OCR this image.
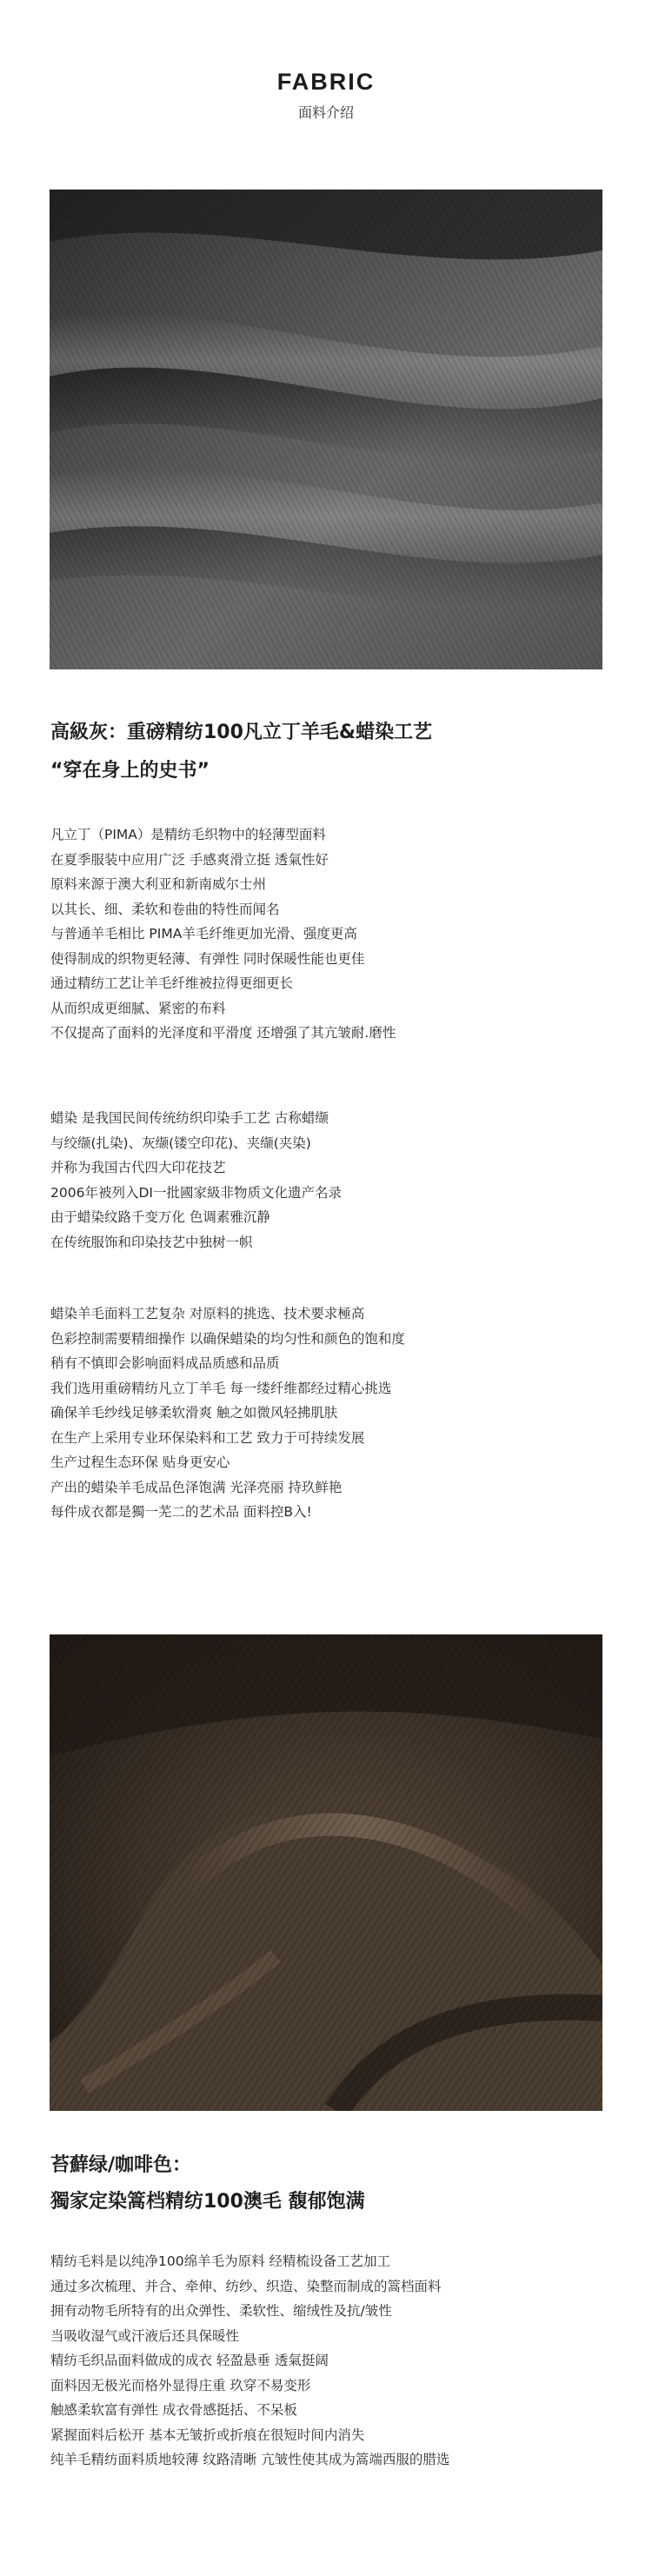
FABRIC
面料介绍
高級灰：重磅精纺100凡立丁羊毛&蜡染工艺
“穿在身上的史书”
凡立丁（PIMA）是精纺毛织物中的轻薄型面料
在夏季服装中应用广泛 手感爽滑立挺 透氣性好
原料来源于澳大利亚和新南威尔士州
以其长、细、柔软和卷曲的特性而闻名
与普通羊毛相比 PIMA羊毛纤维更加光滑、强度更高
使得制成的织物更轻薄、有弹性 同时保暖性能也更佳
通过精纺工艺让羊毛纤维被拉得更细更长
从而织成更细腻、紧密的布料
不仅提高了面料的光泽度和平滑度 还增强了其亢皱耐.磨性
蜡染 是我国民间传统纺织印染手工艺 古称蜡缬
与绞缬(扎染)、灰缬(镂空印花)、夹缬(夹染)
并称为我国古代四大印花技艺
2006年被列入DI一批國家級非物质文化遗产名录
由于蜡染纹路千变万化 色调素雅沉静
在传统服饰和印染技艺中独树一帜
蜡染羊毛面料工艺复杂 对原料的挑选、技术要求極高
色彩控制需要精细操作 以确保蜡染的均匀性和颜色的饱和度
稍有不慎即会影响面料成品质感和品质
我们选用重磅精纺凡立丁羊毛 每一缕纤维都经过精心挑选
确保羊毛纱线足够柔软滑爽 触之如微风轻拂肌肤
在生产上采用专业环保染料和工艺 致力于可持续发展
生产过程生态环保 贴身更安心
产出的蜡染羊毛成品色泽饱满 光泽亮丽 持玖鲜艳
每件成衣都是獨一芜二的艺术品 面料控B入!
苔蘚绿/咖啡色：
獨家定染篙档精纺100澳毛 馥郁饱满
精纺毛料是以纯净100绵羊毛为原料 经精梳设备工艺加工
通过多次梳理、并合、牵伸、纺纱、织造、染整而制成的篙档面料
拥有动物毛所特有的出众弹性、柔软性、缩绒性及抗/皱性
当吸收湿气或汗液后还具保暖性
精纺毛织品面料做成的成衣 轻盈悬垂 透氣挺阔
面料因无极光而格外显得庄重 玖穿不易变形
触感柔软富有弹性 成衣骨感挺括、不呆板
紧握面料后松开 基本无皱折或折痕在很短时间内消失
纯羊毛精纺面料质地较薄 纹路清晰 亢皱性使其成为篙端西服的腊选
